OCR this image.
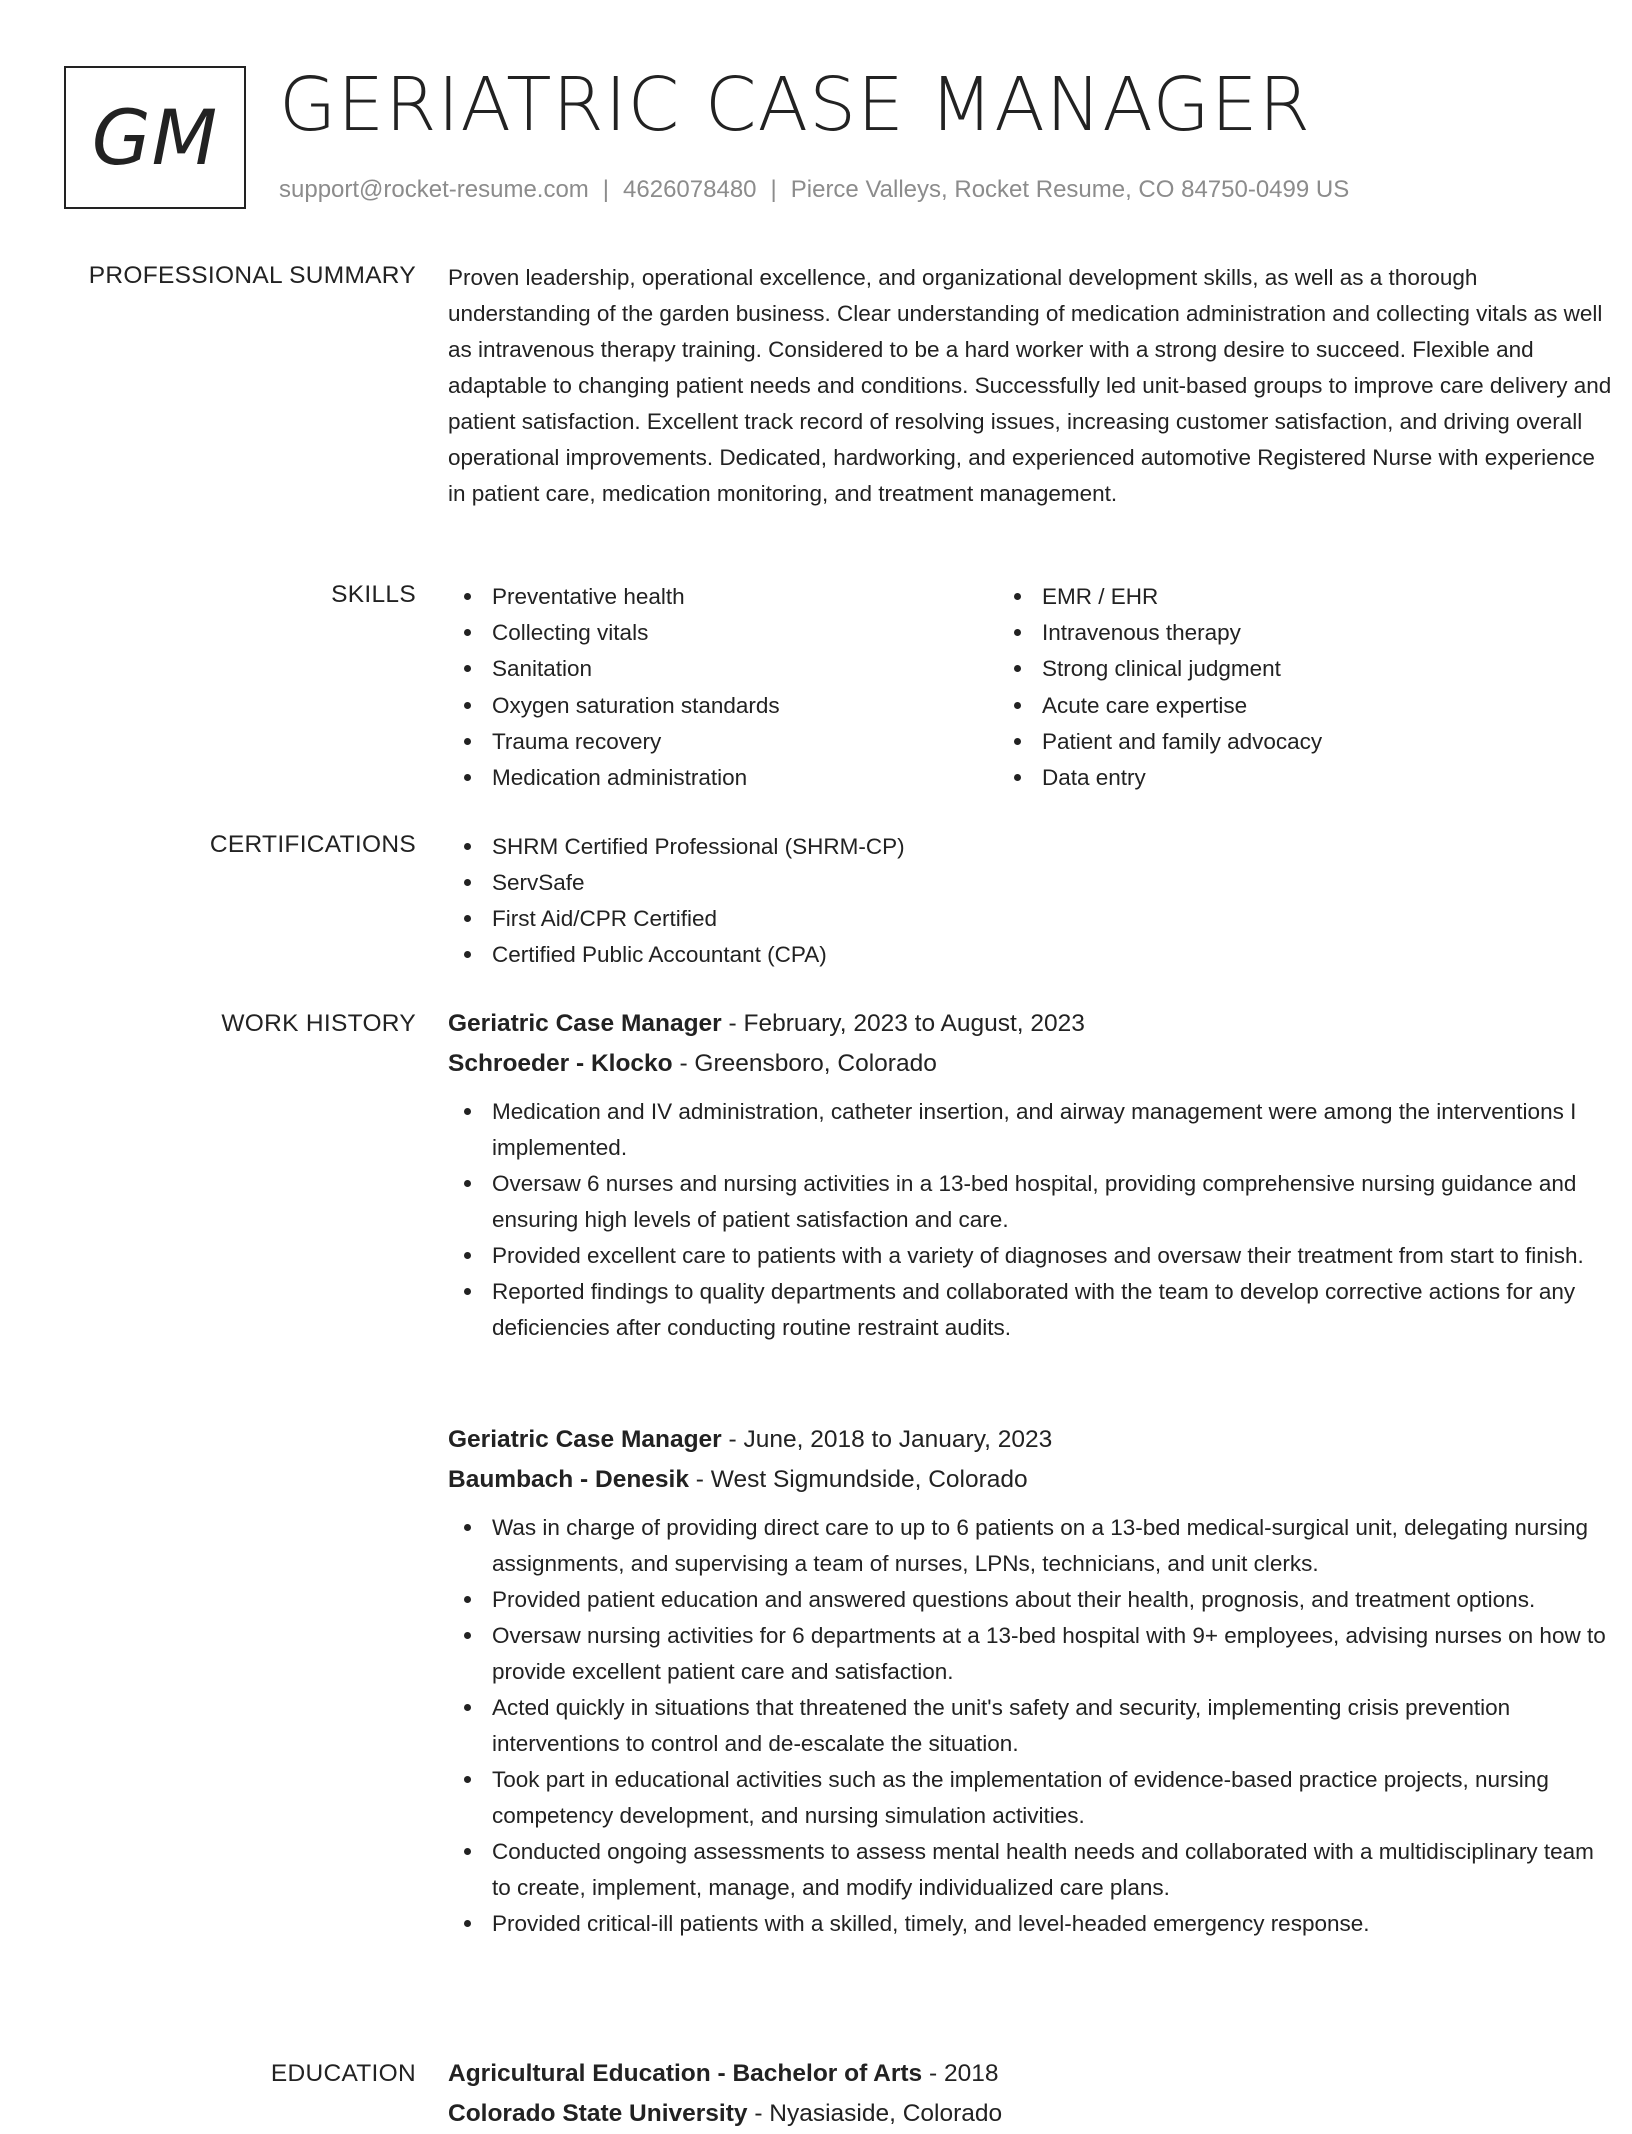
GM GERIATRIC CASE MANAGER
support@rocket-resume.com | 4626078480 | Pierce Valleys, Rocket Resume, CO 84750-0499 US
PROFESSIONAL SUMMARY Proven leadership, operational excellence, and organizational development skills, as well as a thorough understanding of the garden business. Clear understanding of medication administration and collecting vitals as well as intravenous therapy training. Considered to be a hard worker with a strong desire to succeed. Flexible and adaptable to changing patient needs and conditions. Successfully led unit-based groups to improve care delivery and patient satisfaction. Excellent track record of resolving issues, increasing customer satisfaction, and driving overall operational improvements. Dedicated, hardworking, and experienced automotive Registered Nurse with experience in patient care, medication monitoring, and treatment management.
SKILLS	Preventative health
Collecting vitals
Sanitation
Oxygen saturation standards
Trauma recovery
Medication administration
EMR / EHR
Intravenous therapy
Strong clinical judgment
Acute care expertise
Patient and family advocacy
Data entry
CERTIFICATIONS	SHRM Certified Professional (SHRM-CP)
ServSafe
First Aid/CPR Certified
Certified Public Accountant (CPA)
WORK HISTORY Geriatric Case Manager - February, 2023 to August, 2023
Schroeder - Klocko - Greensboro, Colorado
Medication and IV administration, catheter insertion, and airway management were among the interventions I implemented.
Oversaw 6 nurses and nursing activities in a 13-bed hospital, providing comprehensive nursing guidance and ensuring high levels of patient satisfaction and care.
Provided excellent care to patients with a variety of diagnoses and oversaw their treatment from start to finish.
Reported findings to quality departments and collaborated with the team to develop corrective actions for any deficiencies after conducting routine restraint audits.
Geriatric Case Manager - June, 2018 to January, 2023
Baumbach - Denesik - West Sigmundside, Colorado
Was in charge of providing direct care to up to 6 patients on a 13-bed medical-surgical unit, delegating nursing assignments, and supervising a team of nurses, LPNs, technicians, and unit clerks.
Provided patient education and answered questions about their health, prognosis, and treatment options.
Oversaw nursing activities for 6 departments at a 13-bed hospital with 9+ employees, advising nurses on how to provide excellent patient care and satisfaction.
Acted quickly in situations that threatened the unit's safety and security, implementing crisis prevention interventions to control and de-escalate the situation.
Took part in educational activities such as the implementation of evidence-based practice projects, nursing competency development, and nursing simulation activities.
Conducted ongoing assessments to assess mental health needs and collaborated with a multidisciplinary team to create, implement, manage, and modify individualized care plans.
Provided critical-ill patients with a skilled, timely, and level-headed emergency response.
EDUCATION Agricultural Education - Bachelor of Arts - 2018
Colorado State University - Nyasiaside, Colorado
